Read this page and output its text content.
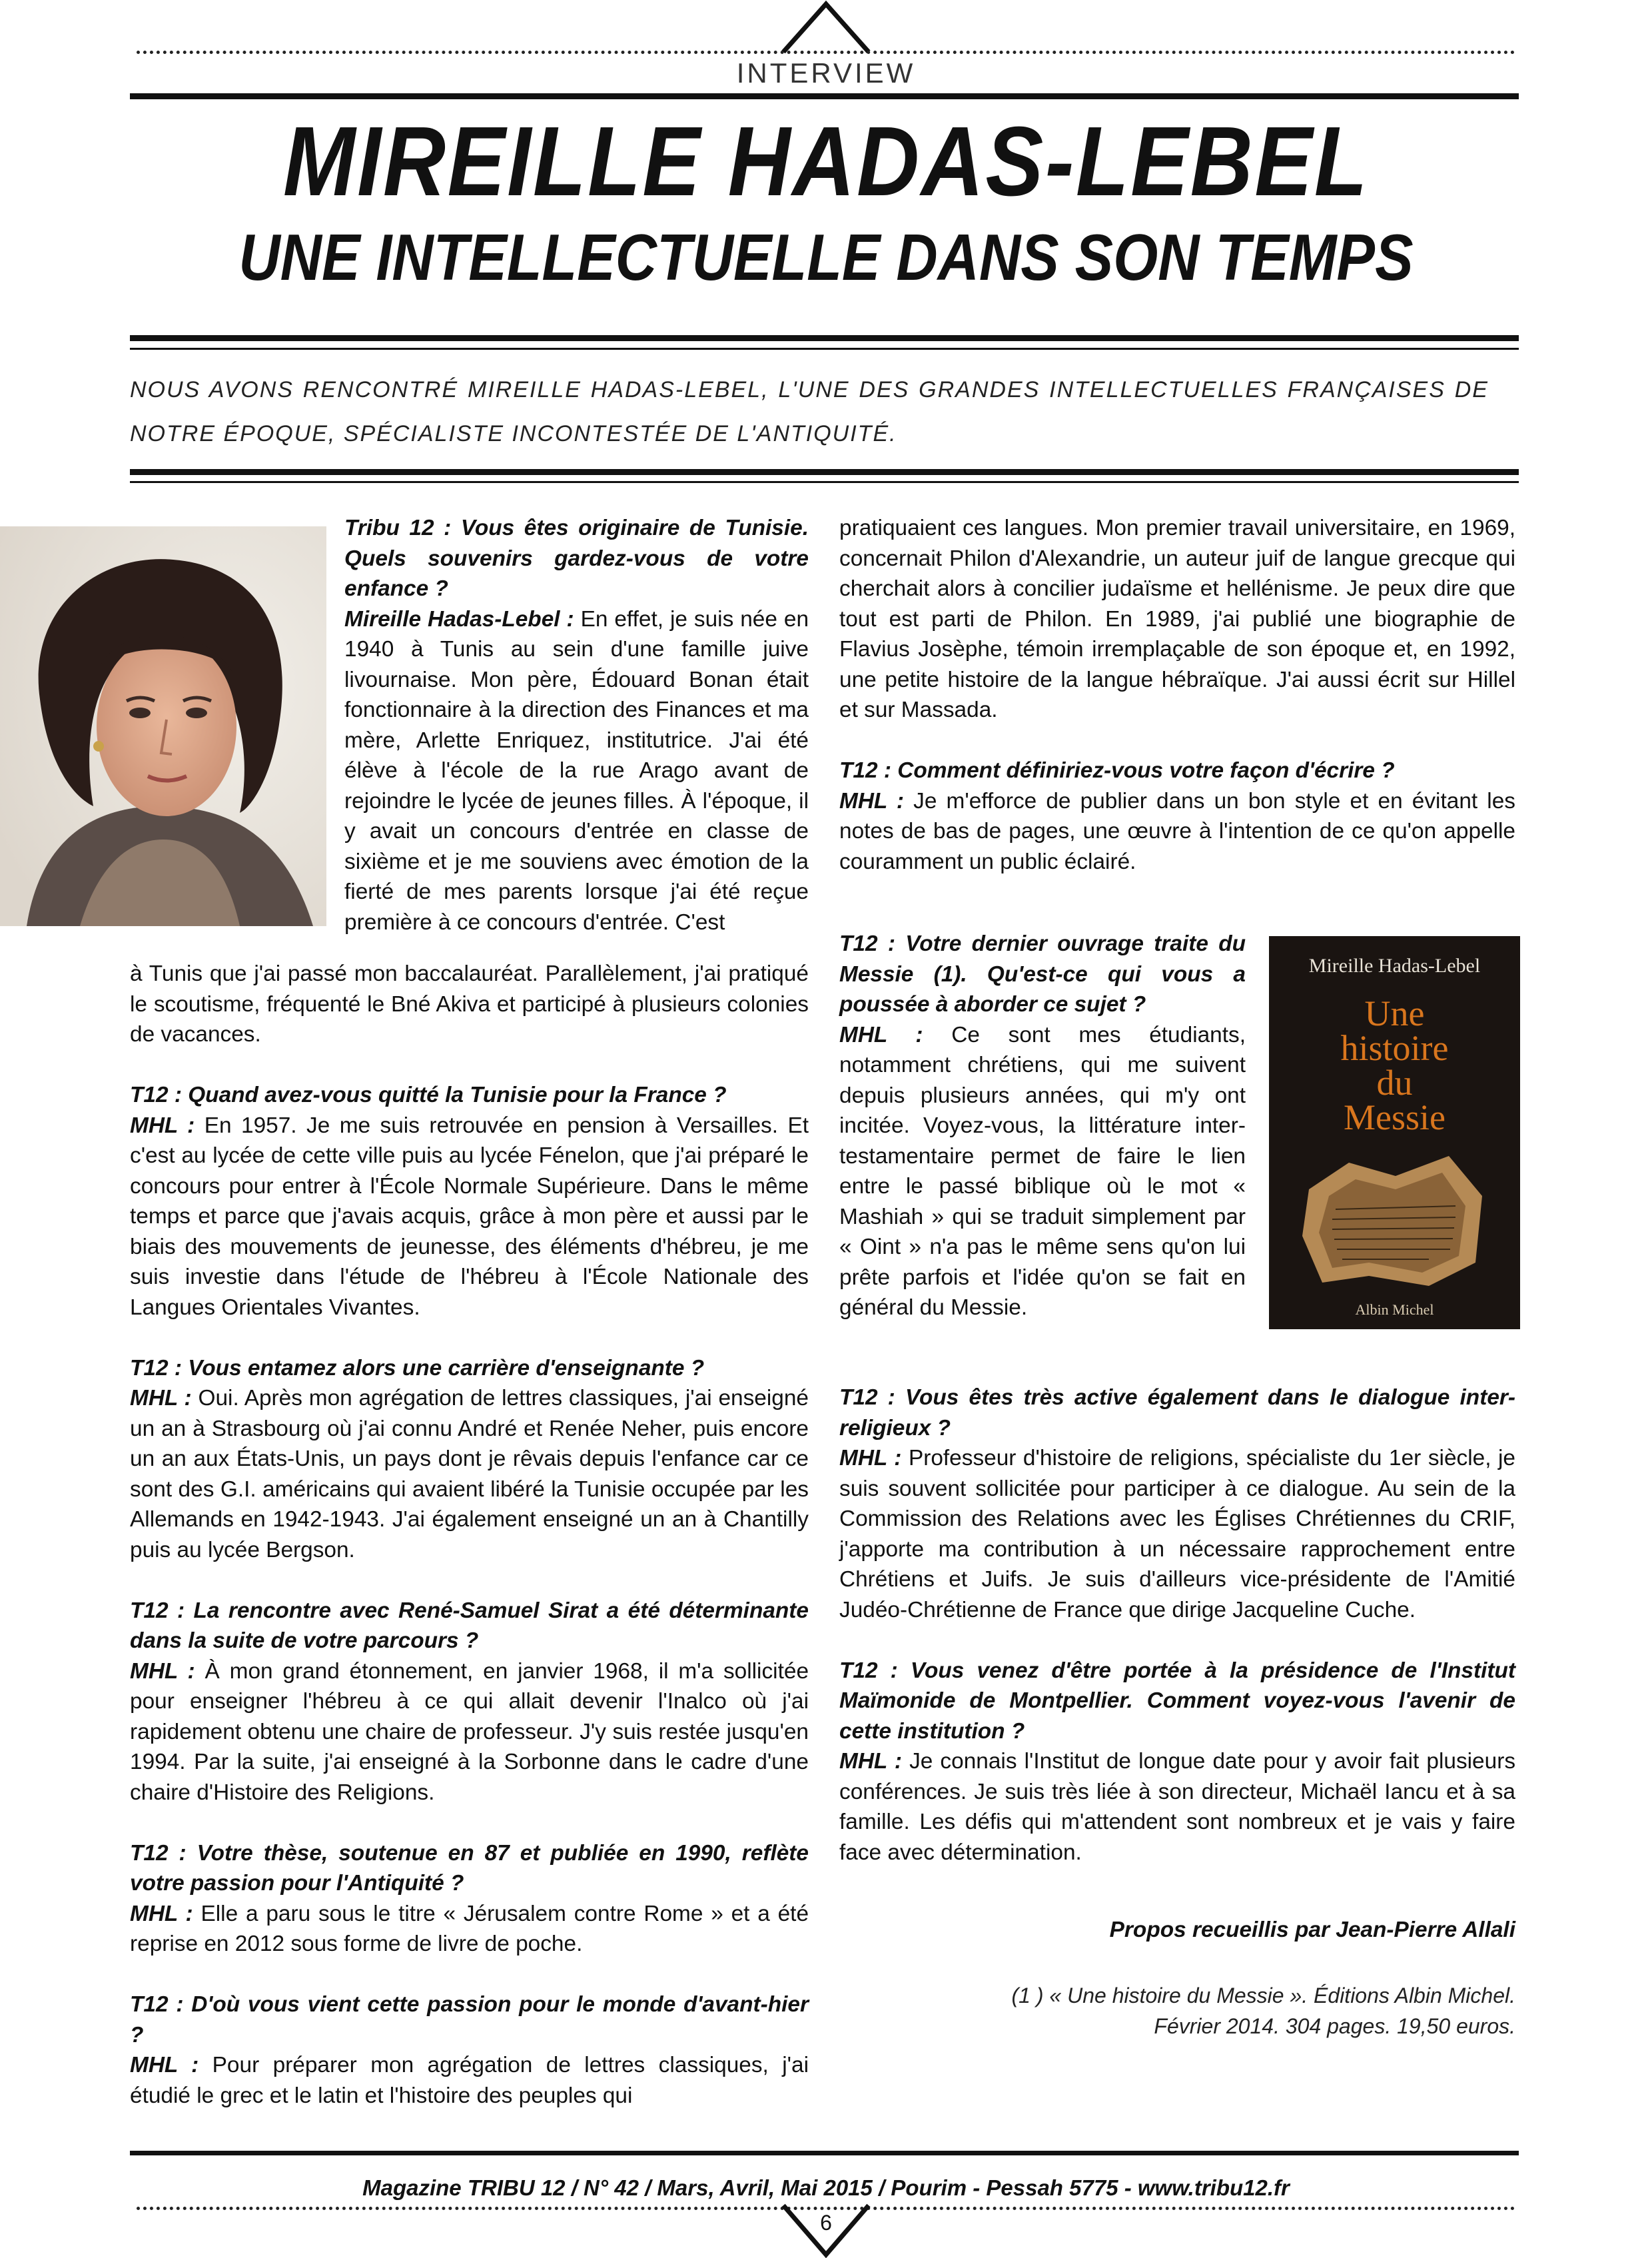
INTERVIEW
MIREILLE HADAS-LEBEL
UNE INTELLECTUELLE DANS SON TEMPS
NOUS AVONS RENCONTRÉ MIREILLE HADAS-LEBEL, L'UNE DES GRANDES INTELLECTUELLES FRANÇAISES DE NOTRE ÉPOQUE, SPÉCIALISTE INCONTESTÉE DE L'ANTIQUITÉ.
Tribu 12 : Vous êtes originaire de Tunisie. Quels souvenirs gardez-vous de votre enfance ?
Mireille Hadas-Lebel : En effet, je suis née en 1940 à Tunis au sein d'une famille juive livournaise. Mon père, Édouard Bonan était fonctionnaire à la direction des Finances et ma mère, Arlette Enriquez, institutrice. J'ai été élève à l'école de la rue Arago avant de rejoindre le lycée de jeunes filles. À l'époque, il y avait un concours d'entrée en classe de sixième et je me souviens avec émotion de la fierté de mes parents lorsque j'ai été reçue première à ce concours d'entrée. C'est

à Tunis que j'ai passé mon baccalauréat. Parallèlement, j'ai pratiqué le scoutisme, fréquenté le Bné Akiva et participé à plusieurs colonies de vacances.

T12 : Quand avez-vous quitté la Tunisie pour la France ?
MHL : En 1957. Je me suis retrouvée en pension à Versailles. Et c'est au lycée de cette ville puis au lycée Fénelon, que j'ai préparé le concours pour entrer à l'École Normale Supérieure. Dans le même temps et parce que j'avais acquis, grâce à mon père et aussi par le biais des mouvements de jeunesse, des éléments d'hébreu, je me suis investie dans l'étude de l'hébreu à l'École Nationale des Langues Orientales Vivantes.

T12 : Vous entamez alors une carrière d'enseignante ?
MHL : Oui. Après mon agrégation de lettres classiques, j'ai enseigné un an à Strasbourg où j'ai connu André et Renée Neher, puis encore un an aux États-Unis, un pays dont je rêvais depuis l'enfance car ce sont des G.I. américains qui avaient libéré la Tunisie occupée par les Allemands en 1942-1943. J'ai également enseigné un an à Chantilly puis au lycée Bergson.

T12 : La rencontre avec René-Samuel Sirat a été déterminante dans la suite de votre parcours ?
MHL : À mon grand étonnement, en janvier 1968, il m'a sollicitée pour enseigner l'hébreu à ce qui allait devenir l'Inalco où j'ai rapidement obtenu une chaire de professeur. J'y suis restée jusqu'en 1994. Par la suite, j'ai enseigné à la Sorbonne dans le cadre d'une chaire d'Histoire des Religions.

T12 : Votre thèse, soutenue en 87 et publiée en 1990, reflète votre passion pour l'Antiquité ?
MHL : Elle a paru sous le titre « Jérusalem contre Rome » et a été reprise en 2012 sous forme de livre de poche.

T12 : D'où vous vient cette passion pour le monde d'avant-hier ?
MHL : Pour préparer mon agrégation de lettres classiques, j'ai étudié le grec et le latin et l'histoire des peuples qui

pratiquaient ces langues. Mon premier travail universitaire, en 1969, concernait Philon d'Alexandrie, un auteur juif de langue grecque qui cherchait alors à concilier judaïsme et hellénisme. Je peux dire que tout est parti de Philon. En 1989, j'ai publié une biographie de Flavius Josèphe, témoin irremplaçable de son époque et, en 1992, une petite histoire de la langue hébraïque. J'ai aussi écrit sur Hillel et sur Massada.

T12 : Comment définiriez-vous votre façon d'écrire ?
MHL : Je m'efforce de publier dans un bon style et en évitant les notes de bas de pages, une œuvre à l'intention de ce qu'on appelle couramment un public éclairé.

T12 : Votre dernier ouvrage traite du Messie (1). Qu'est-ce qui vous a poussée à aborder ce sujet ?
MHL : Ce sont mes étudiants, notamment chrétiens, qui me suivent depuis plusieurs années, qui m'y ont incitée. Voyez-vous, la littérature inter-testamentaire permet de faire le lien entre le passé biblique où le mot « Mashiah » qui se traduit simplement par « Oint » n'a pas le même sens qu'on lui prête parfois et l'idée qu'on se fait en général du Messie.
Mireille Hadas-Lebel
Une
histoire
du
Messie
Albin Michel

T12 : Vous êtes très active également dans le dialogue inter-religieux ?
MHL : Professeur d'histoire de religions, spécialiste du 1er siècle, je suis souvent sollicitée pour participer à ce dialogue. Au sein de la Commission des Relations avec les Églises Chrétiennes du CRIF, j'apporte ma contribution à un nécessaire rapprochement entre Chrétiens et Juifs. Je suis d'ailleurs vice-présidente de l'Amitié Judéo-Chrétienne de France que dirige Jacqueline Cuche.

T12 : Vous venez d'être portée à la présidence de l'Institut Maïmonide de Montpellier. Comment voyez-vous l'avenir de cette institution ?
MHL : Je connais l'Institut de longue date pour y avoir fait plusieurs conférences. Je suis très liée à son directeur, Michaël Iancu et à sa famille. Les défis qui m'attendent sont nombreux et je vais y faire face avec détermination.

Propos recueillis par Jean-Pierre Allali
(1 ) « Une histoire du Messie ». Éditions Albin Michel.
Février 2014. 304 pages. 19,50 euros.
Magazine TRIBU 12 / N° 42 / Mars, Avril, Mai 2015 / Pourim - Pessah 5775 - www.tribu12.fr
6
